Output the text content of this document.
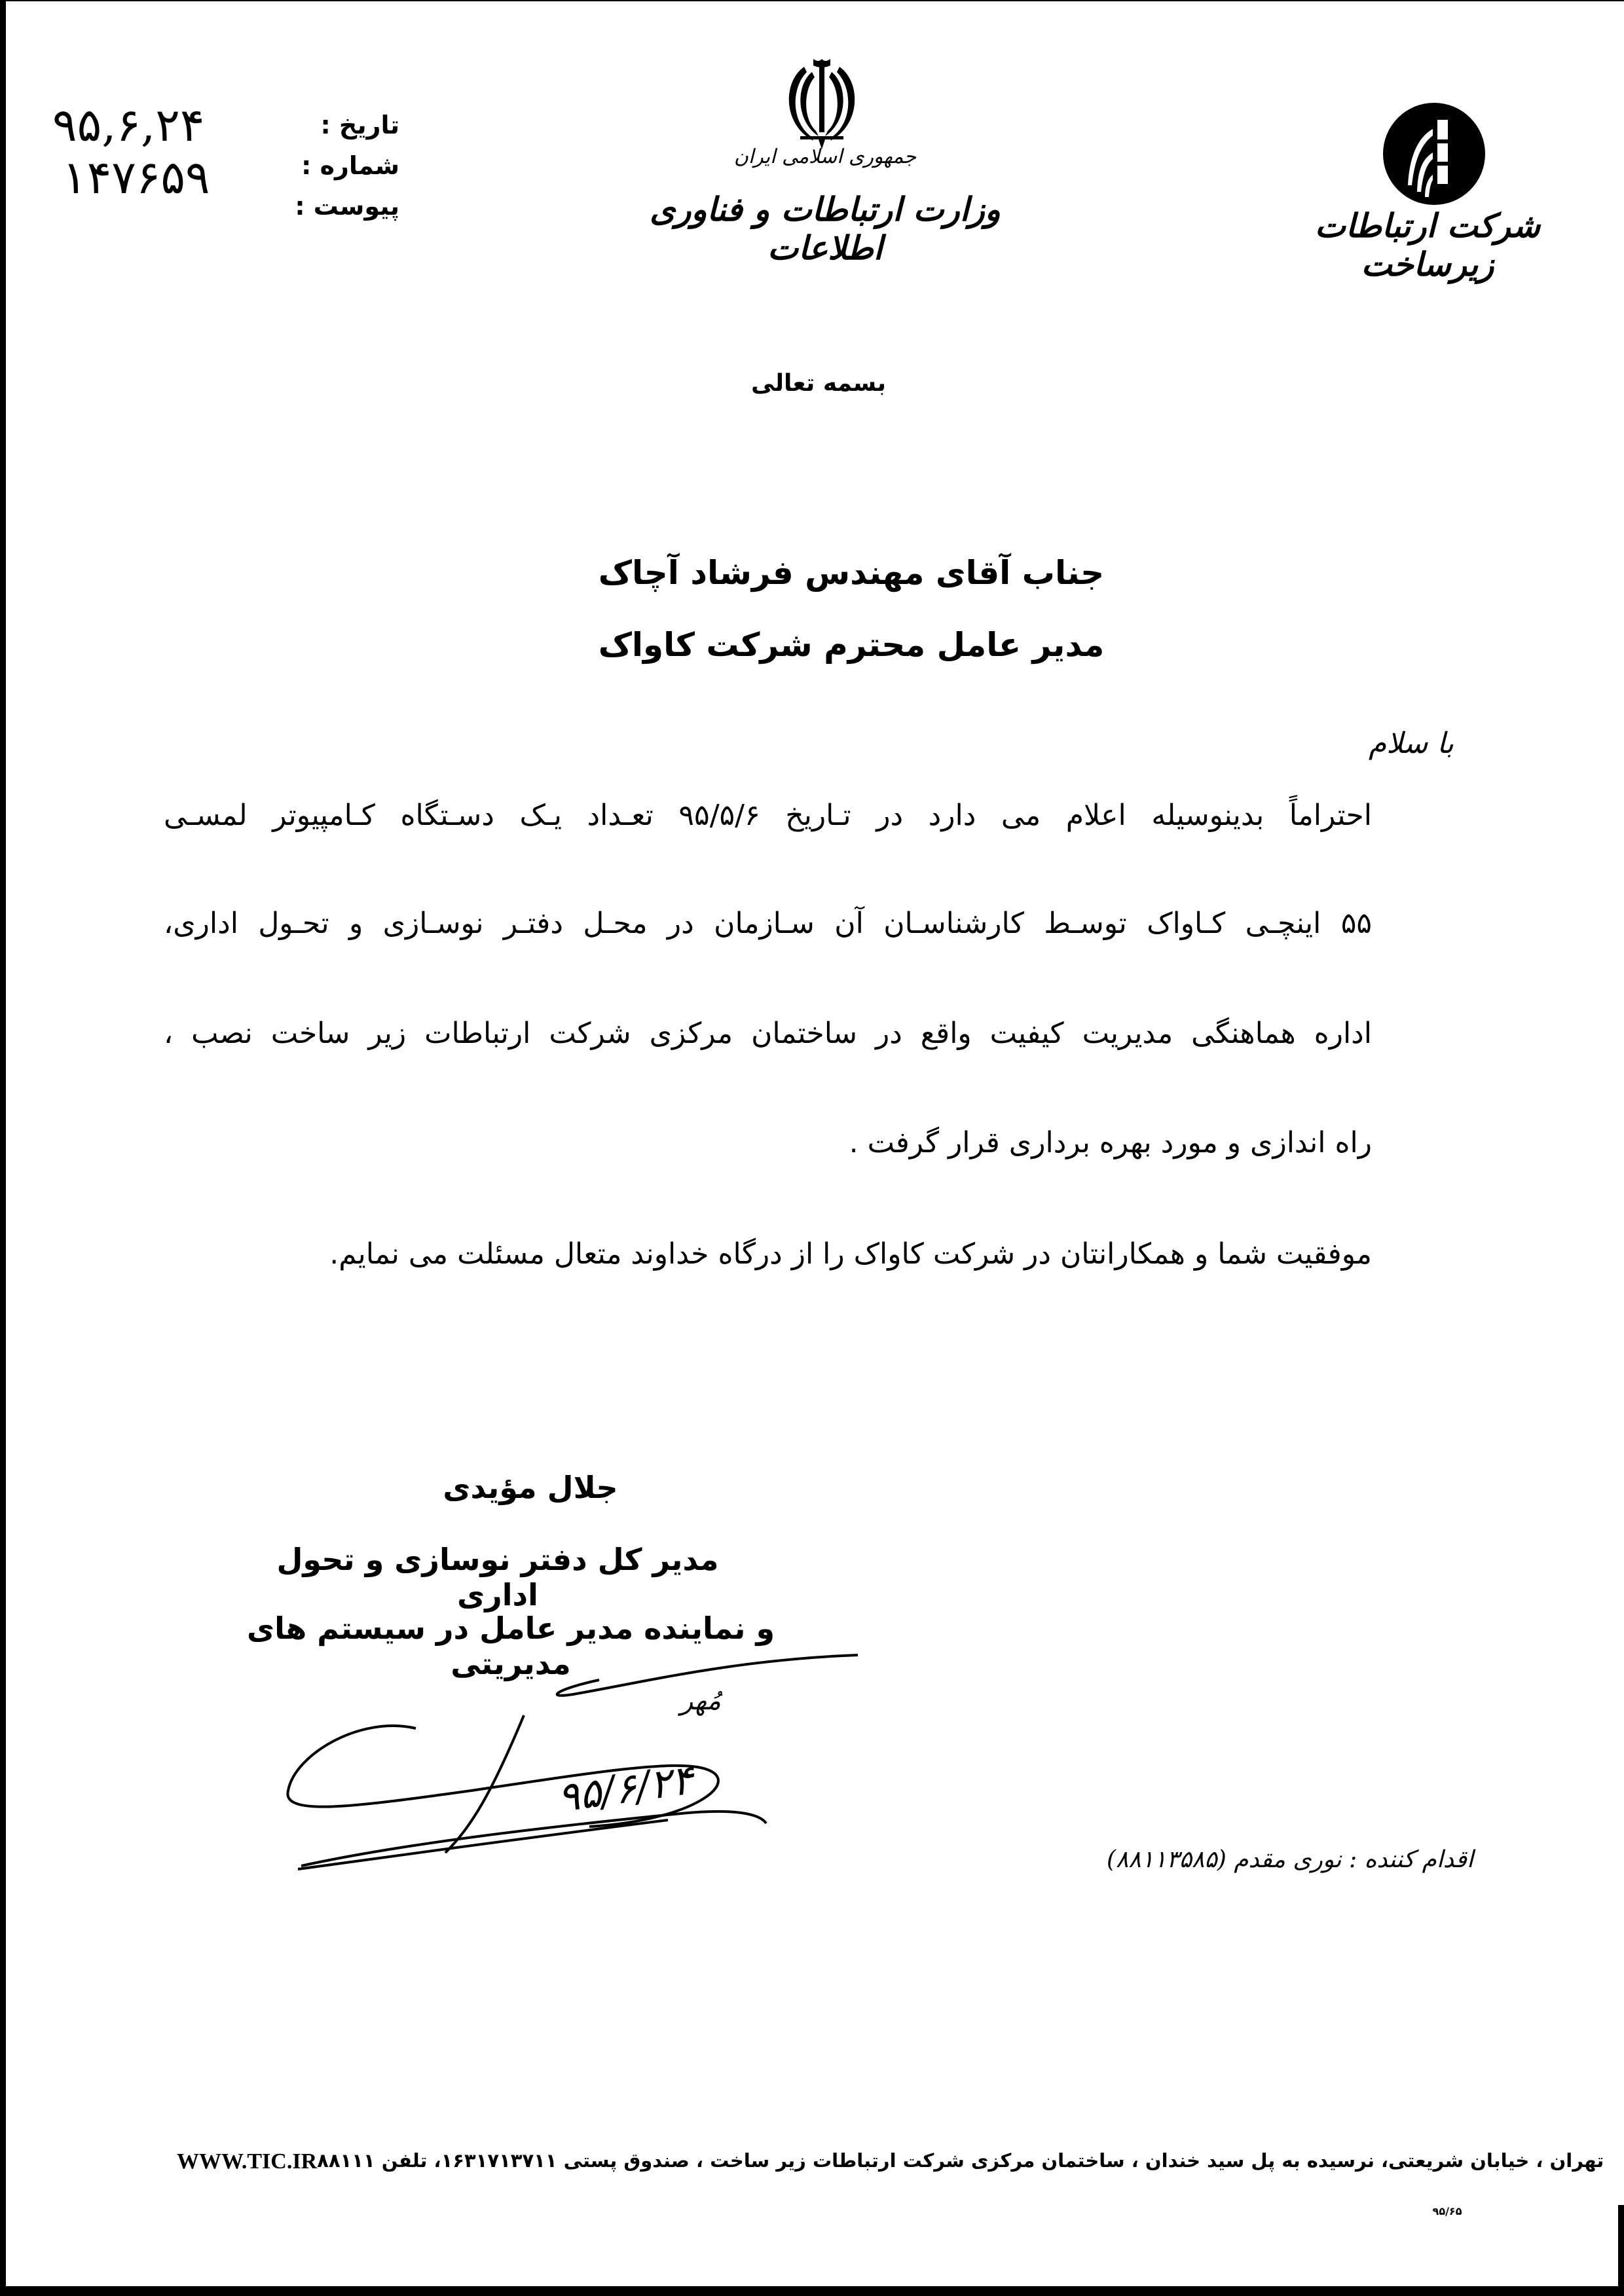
تاریخ :
شماره :
پیوست :
۹۵,۶,۲۴
۱۴۷۶۵۹	جمهوری اسلامی ایران
وزارت ارتباطات و فناوری اطلاعات
شرکت ارتباطات زیرساخت
بسمه تعالی
جناب آقای مهندس فرشاد آچاک
مدیر عامل محترم شرکت کاواک
با سلام
احتراماً بدینوسیله اعلام می دارد در تـاریخ ۹۵/۵/۶ تعـداد یـک دسـتگاه کـامپیوتر لمسـی
۵۵ اینچـی کـاواک توسـط کارشناسـان آن سـازمان در محـل دفتـر نوسـازی و تحـول اداری،
اداره هماهنگی مدیریت کیفیت واقع در ساختمان مرکزی شرکت ارتباطات زیر ساخت نصب ،
راه اندازی و مورد بهره برداری قرار گرفت .
موفقیت شما و همکارانتان در شرکت کاواک را از درگاه خداوند متعال مسئلت می نمایم.
جلال مؤیدی
مدیر کل دفتر نوسازی و تحول اداری
و نماینده مدیر عامل در سیستم های مدیریتی
۹۵/۶/۲۴
مُهر
اقدام کننده : نوری مقدم (۸۸۱۱۳۵۸۵)
WWW.TIC.IR تهران ، خیابان شریعتی، نرسیده به پل سید خندان ، ساختمان مرکزی شرکت ارتباطات زیر ساخت ، صندوق پستی ۱۶۳۱۷۱۳۷۱۱، تلفن ۸۸۱۱۱
۹۵/۶۵
